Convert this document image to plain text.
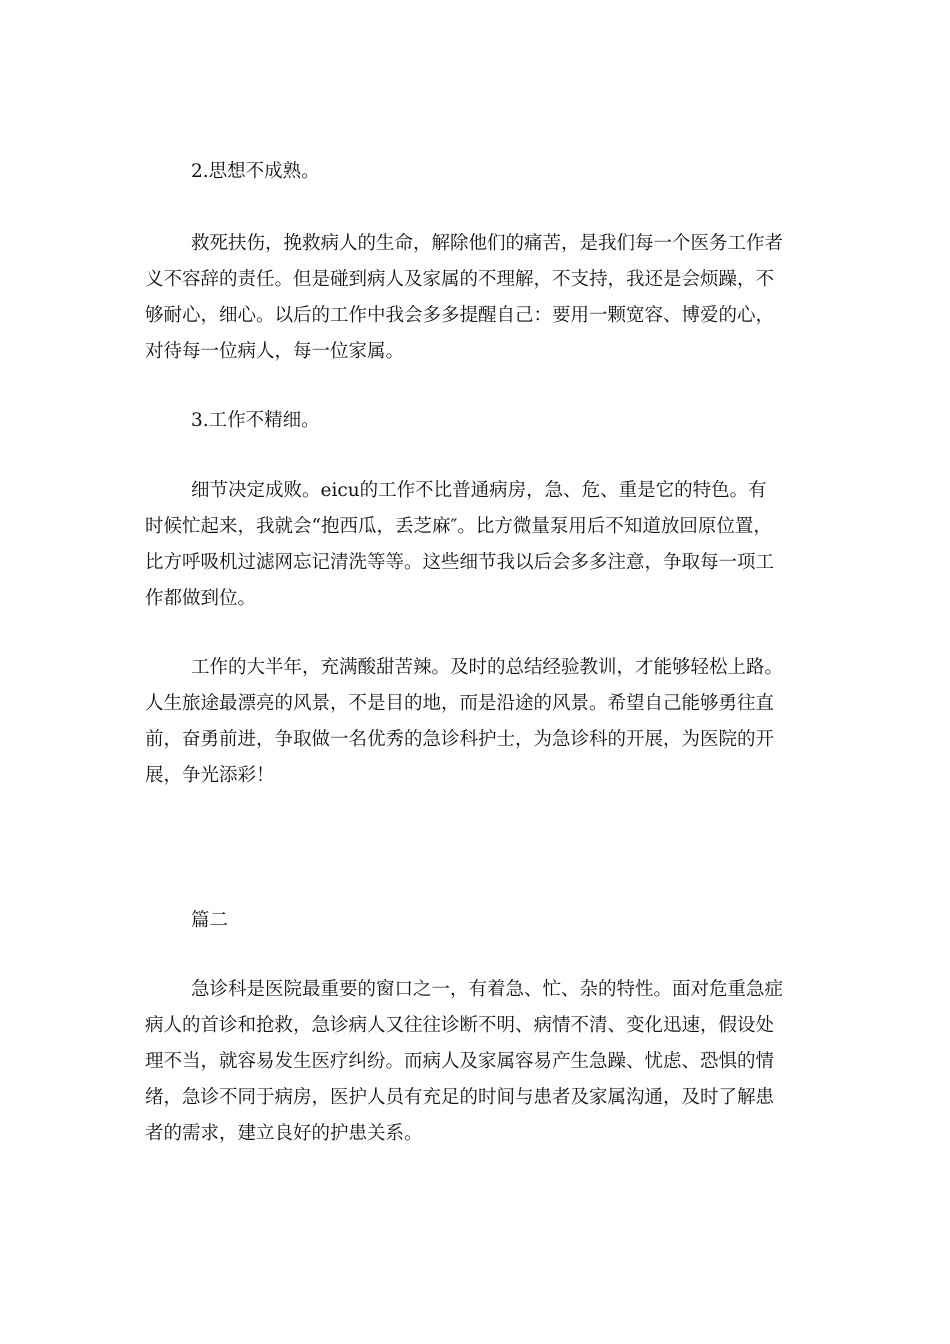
2.思想不成熟。
救死扶伤，挽救病人的生命，解除他们的痛苦，是我们每一个医务工作者
义不容辞的责任。但是碰到病人及家属的不理解，不支持，我还是会烦躁，不
够耐心，细心。以后的工作中我会多多提醒自己：要用一颗宽容、博爱的心，
对待每一位病人，每一位家属。
3.工作不精细。
细节决定成败。eicu的工作不比普通病房，急、危、重是它的特色。有
时候忙起来，我就会“抱西瓜，丢芝麻″。比方微量泵用后不知道放回原位置，
比方呼吸机过滤网忘记清洗等等。这些细节我以后会多多注意，争取每一项工
作都做到位。
工作的大半年，充满酸甜苦辣。及时的总结经验教训，才能够轻松上路。
人生旅途最漂亮的风景，不是目的地，而是沿途的风景。希望自己能够勇往直
前，奋勇前进，争取做一名优秀的急诊科护士，为急诊科的开展，为医院的开
展，争光添彩！
篇二
急诊科是医院最重要的窗口之一，有着急、忙、杂的特性。面对危重急症
病人的首诊和抢救，急诊病人又往往诊断不明、病情不清、变化迅速，假设处
理不当，就容易发生医疗纠纷。而病人及家属容易产生急躁、忧虑、恐惧的情
绪，急诊不同于病房，医护人员有充足的时间与患者及家属沟通，及时了解患
者的需求，建立良好的护患关系。
